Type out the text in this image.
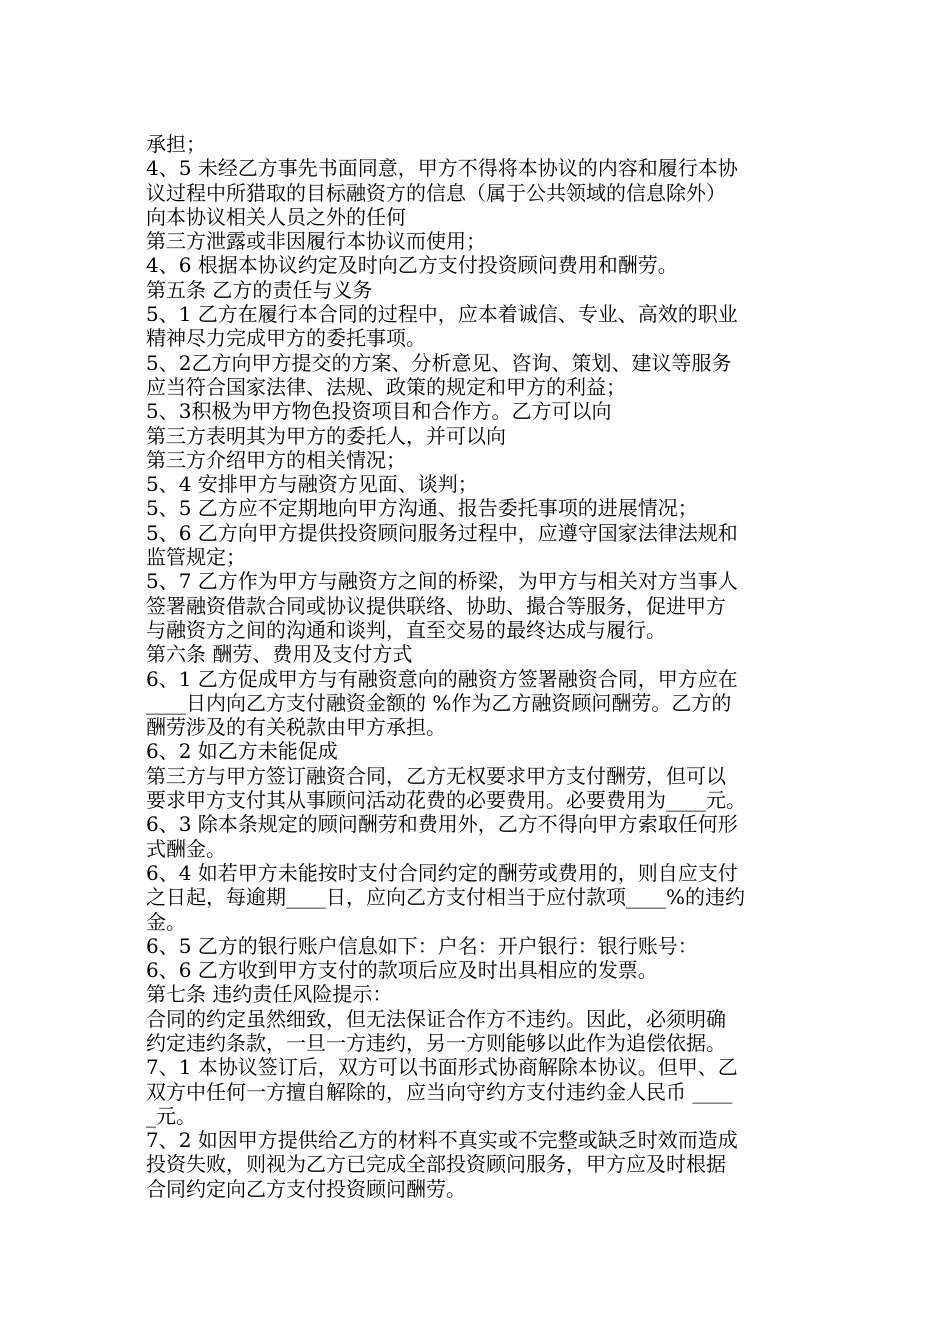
承担；
4、5 未经乙方事先书面同意，甲方不得将本协议的内容和履行本协
议过程中所猎取的目标融资方的信息（属于公共领域的信息除外）
向本协议相关人员之外的任何
第三方泄露或非因履行本协议而使用；
4、6 根据本协议约定及时向乙方支付投资顾问费用和酬劳。
第五条 乙方的责任与义务
5、1 乙方在履行本合同的过程中，应本着诚信、专业、高效的职业
精神尽力完成甲方的委托事项。
5、2乙方向甲方提交的方案、分析意见、咨询、策划、建议等服务
应当符合国家法律、法规、政策的规定和甲方的利益；
5、3积极为甲方物色投资项目和合作方。乙方可以向
第三方表明其为甲方的委托人，并可以向
第三方介绍甲方的相关情况；
5、4 安排甲方与融资方见面、谈判；
5、5 乙方应不定期地向甲方沟通、报告委托事项的进展情况；
5、6 乙方向甲方提供投资顾问服务过程中，应遵守国家法律法规和
监管规定；
5、7 乙方作为甲方与融资方之间的桥梁，为甲方与相关对方当事人
签署融资借款合同或协议提供联络、协助、撮合等服务，促进甲方
与融资方之间的沟通和谈判，直至交易的最终达成与履行。
第六条 酬劳、费用及支付方式
6、1 乙方促成甲方与有融资意向的融资方签署融资合同，甲方应在
____日内向乙方支付融资金额的 %作为乙方融资顾问酬劳。乙方的
酬劳涉及的有关税款由甲方承担。
6、2 如乙方未能促成
第三方与甲方签订融资合同，乙方无权要求甲方支付酬劳，但可以
要求甲方支付其从事顾问活动花费的必要费用。必要费用为____元。
6、3 除本条规定的顾问酬劳和费用外，乙方不得向甲方索取任何形
式酬金。
6、4 如若甲方未能按时支付合同约定的酬劳或费用的，则自应支付
之日起，每逾期____日，应向乙方支付相当于应付款项____%的违约
金。
6、5 乙方的银行账户信息如下：户名：开户银行：银行账号：
6、6 乙方收到甲方支付的款项后应及时出具相应的发票。
第七条 违约责任风险提示：
合同的约定虽然细致，但无法保证合作方不违约。因此，必须明确
约定违约条款，一旦一方违约，另一方则能够以此作为追偿依据。
7、1 本协议签订后，双方可以书面形式协商解除本协议。但甲、乙
双方中任何一方擅自解除的，应当向守约方支付违约金人民币 ____
_元。
7、2 如因甲方提供给乙方的材料不真实或不完整或缺乏时效而造成
投资失败，则视为乙方已完成全部投资顾问服务，甲方应及时根据
合同约定向乙方支付投资顾问酬劳。
